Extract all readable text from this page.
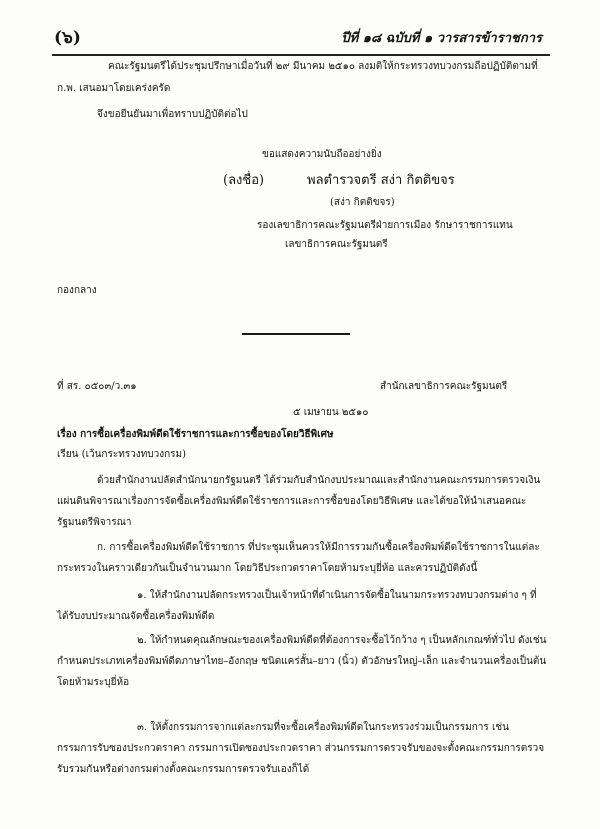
(๖)	ปีที่ ๑๘ ฉบับที่ ๑ วารสารข้าราชการ
คณะรัฐมนตรีได้ประชุมปรึกษาเมื่อวันที่ ๒๙ มีนาคม ๒๕๑๐ ลงมติให้กระทรวงทบวงกรมถือปฏิบัติตามที่
ก.พ. เสนอมาโดยเคร่งครัด
จึงขอยืนยันมาเพื่อทราบปฏิบัติต่อไป
ขอแสดงความนับถืออย่างยิ่ง
(ลงชื่อ)	พลตำรวจตรี สง่า กิตติขจร
(สง่า กิตติขจร)
รองเลขาธิการคณะรัฐมนตรีฝ่ายการเมือง รักษาราชการแทน
เลขาธิการคณะรัฐมนตรี
กองกลาง
ที่ สร. ๐๕๐๓/ว.๓๑	สำนักเลขาธิการคณะรัฐมนตรี
๕ เมษายน ๒๕๑๐
เรื่อง การซื้อเครื่องพิมพ์ดีดใช้ราชการและการซื้อของโดยวิธีพิเศษ
เรียน (เว้นกระทรวงทบวงกรม)
ด้วยสำนักงานปลัดสำนักนายกรัฐมนตรี ได้ร่วมกับสำนักงบประมาณและสำนักงานคณะกรรมการตรวจเงินแผ่นดินพิจารณาเรื่องการจัดซื้อเครื่องพิมพ์ดีดใช้ราชการและการซื้อของโดยวิธีพิเศษ และได้ขอให้นำเสนอคณะรัฐมนตรีพิจารณา
ก. การซื้อเครื่องพิมพ์ดีดใช้ราชการ ที่ประชุมเห็นควรให้มีการรวมกันซื้อเครื่องพิมพ์ดีดใช้ราชการในแต่ละกระทรวงในคราวเดียวกันเป็นจำนวนมาก โดยวิธีประกวดราคาโดยห้ามระบุยี่ห้อ และควรปฏิบัติดังนี้
๑. ให้สำนักงานปลัดกระทรวงเป็นเจ้าหน้าที่ดำเนินการจัดซื้อในนามกระทรวงทบวงกรมต่าง ๆ ที่ได้รับงบประมาณจัดซื้อเครื่องพิมพ์ดีด
๒. ให้กำหนดคุณลักษณะของเครื่องพิมพ์ดีดที่ต้องการจะซื้อไว้กว้าง ๆ เป็นหลักเกณฑ์ทั่วไป ดังเช่นกำหนดประเภทเครื่องพิมพ์ดีดภาษาไทย–อังกฤษ ชนิดแคร่สั้น–ยาว (นิ้ว) ตัวอักษรใหญ่–เล็ก และจำนวนเครื่องเป็นต้น โดยห้ามระบุยี่ห้อ
๓. ให้ตั้งกรรมการจากแต่ละกรมที่จะซื้อเครื่องพิมพ์ดีดในกระทรวงร่วมเป็นกรรมการ เช่น กรรมการรับซองประกวดราคา กรรมการเปิดซองประกวดราคา ส่วนกรรมการตรวจรับของจะตั้งคณะกรรมการตรวจรับรวมกันหรือต่างกรมต่างตั้งคณะกรรมการตรวจรับเองก็ได้
